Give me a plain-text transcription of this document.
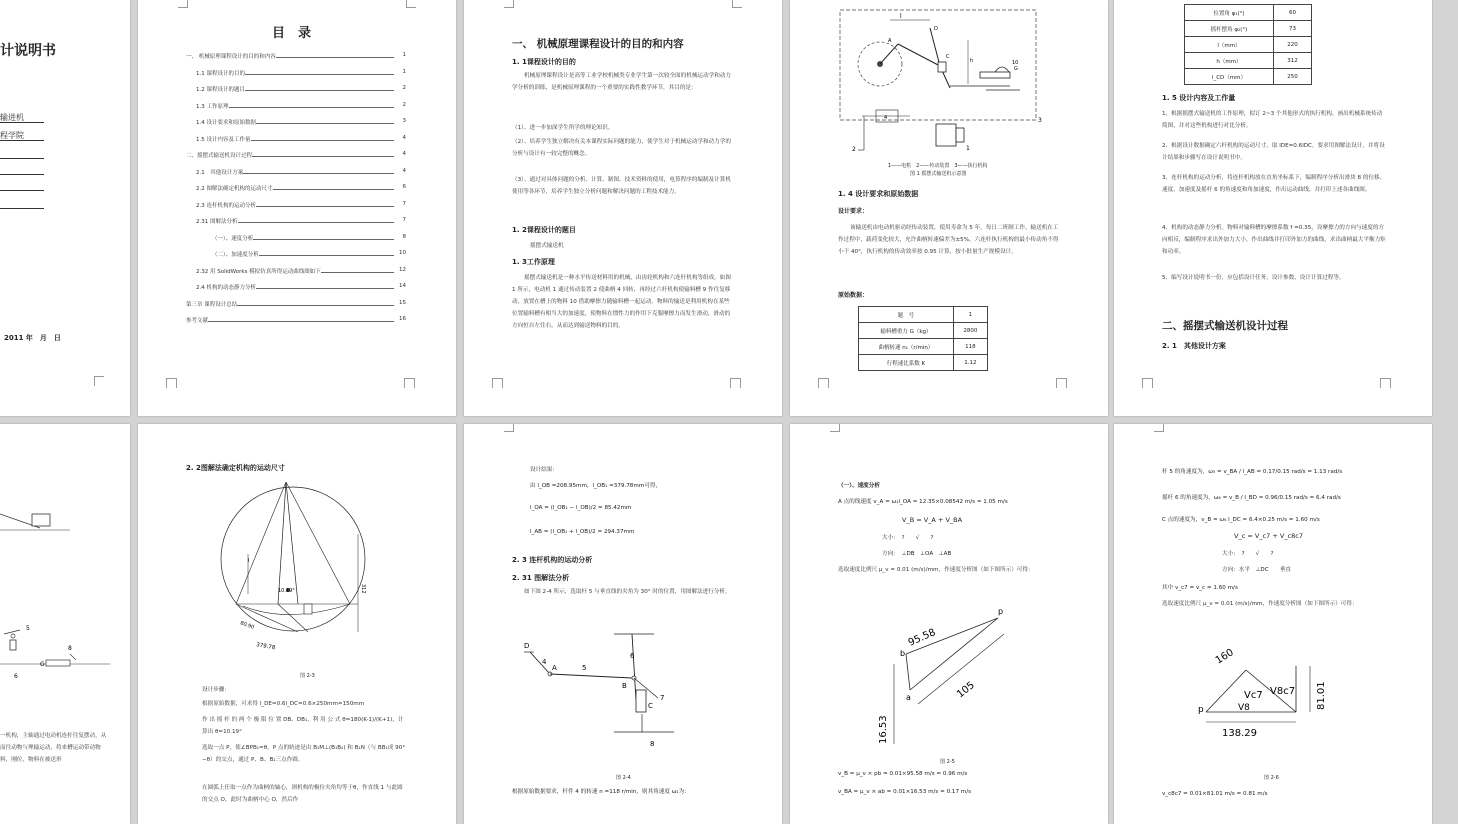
计说明书
输进机
程学院
2011 年　月　日
目　录
一、 机械原理课程设计的目的和内容	1
1.1 课程设计的目的	1
1.2 课程设计的题目	2
1.3 工作原理	2
1.4 设计要求和原始数据	3
1.5 设计内容及工作量	4
二、摇摆式输送机设计过程	4
2.1　其他设计方案	4
2.2 图解法确定机构的运动尺寸	6
2.3 连杆机构的运动分析	7
2.31 图解法分析	7
（一）、速度分析	8
（二）、加速度分析	10
2.32 用 SolidWorks 模拟仿真所得运动曲线图如下	12
2.4 机构的动态静力分析	14
第三章 课程设计总结	15
参考文献	16
一、 机械原理课程设计的目的和内容
1. 1课程设计的目的
机械原理课程设计是高等工业学校机械类专业学生第一次较全面的机械运动学和动力学分析的训练，是机械原理课程的一个重要的实践性教学环节，其目的是：
（1）、进一步加深学生所学的理论知识。
（2）、培养学生独立解决有关本课程实际问题的能力，使学生对于机械运动学和动力学的分析与设计有一较完整的概念。
（3）、通过对具体问题的分析、计算、制图、技术资料的使用，电算程序的编制及计算机使用等各环节，培养学生独立分析问题和解决问题的工程技术能力。
1. 2课程设计的题目
摇摆式输送机
1. 3工作原理
摇摆式输送机是一种水平传送材料用的机械，由齿轮机构和六连杆机构等组成。如图 1 所示，电动机 1 通过传动装置 2 使曲柄 4 回转，再经过六杆机构使输料槽 9 作往复移动，放置在槽上的物料 10 借助摩擦力随输料槽一起运动。物料的输送是利用机构在某些位置输料槽有相当大的加速度，使物料在惯性力的作用下克服摩擦力而发生滑动，滑动的方向恒自左往右，从而达到输送物料的目的。
l
D
A
h
C
10
G
3
4
2	1
1——电机　2——传动装置　3——执行机构
图 1 摇摆式输送机示意图
1. 4 设计要求和原始数据
设计要求：
该输送机由电动机驱动经传动装置，使用寿命为 5 年，每日二班制工作。输送机在工作过程中，载荷变化较大，允许曲柄转速偏差为±5%。六连杆执行机构的最小传动角不得小于 40°，执行机构的传动效率按 0.95 计算，按小批量生产规模设计。
原始数据：
题　号	1
输料槽重力 G（kg）	2800
曲柄转速 n₁（r/min）	118
行程速比系数 K	1.12
位置角 φ₁(°)	60
摇杆摆角 φ₂(°)	73
l（mm）	220
h（mm）	312
l_CD（mm）	250
1. 5 设计内容及工作量
1、根据摇摆式输送机的工作原理，拟订 2~3 个其他形式的执行机构，画出机械系统传动简图，并对这些机构进行对比分析。
2、根据设计数据确定六杆机构的运动尺寸，取 lDE=0.6lDC。要求用图解法设计，并将设计结果和步骤写在设计说明书中。
3、连杆机构的运动分析，将连杆机构放在直角坐标系下，编制程序分析出滑块 8 的位移、速度、加速度及摇杆 6 的角速度和角加速度，作出运动曲线，并打印上述各曲线图。
4、机构的动态静力分析。物料对输料槽的摩擦系数 f =0.35，设摩擦力的方向与速度的方向相反，编制程序求出外加力大小，作出曲线并打印外加力的曲线，求出曲柄最大平衡力矩和功率。
5、编写设计说明书一份，应包括设计任务、设计参数、设计计算过程等。
二、摇摆式输送机设计过程
2. 1　其他设计方案
5
8
G
6
一机构，主轴通过电动机连杆往复摆动，从而往动物与理输运动，将来槽运动带动物料，刚位，物料在被送形
2. 2图解法确定机构的运动尺寸
10.19°	312
379.78
80.90
l
图 2-3
设计步骤：
根据原始数据，可求得 l_DE=0.6l_DC=0.6×250mm=150mm
作 出 摇 杆 的 两 个 极 限 位 置 DB、DB₁，利 用 公 式 θ=180(K-1)/(K+1)，计算出 θ=10.19°
选取一点 P，使∠BPB₁=θ，P 点的轨迹是由 B₁M⊥(B₁B₂) 和 B₁N（与 BB₁成 90°−θ）的交点，通过 P、B、B₁三点作圆。
在圆弧上任取一点作为曲柄的轴心，则机构的极位夹角均等于θ，作直线 1 与此圆的交点 O，此时为曲柄中心 O，然后作
设计结果：
由 l_OB =208.95mm，l_OB₁ =379.78mm可得，
l_OA = (l_OB₁ − l_OB)/2 = 85.42mm
l_AB = (l_OB₁ + l_OB)/2 = 294.37mm
2. 3 连杆机构的运动分析
2. 31 图解法分析
如下图 2-4 所示，选取杆 5 与垂直线的夹角为 30° 时的位置，用图解法进行分析。
D
4
A	5
6
B
7
C
8
图 2-4
根据原始数据要求，杆件 4 的转速 n =118 r/min，则其角速度 ω₁为：
（一）、速度分析
A 点的线速度 v_A = ω₁l_OA = 12.35×0.08542 m/s = 1.05 m/s
V_B = V_A + V_BA
大小：　?　　√　　?
方向：　⊥DB　⊥OA　⊥AB
选取速度比例尺 μ_v = 0.01 (m/s)/mm，作速度分析图（如下图所示）可得：
95.58
105
16.53
b
p
a
图 2-5
v_B = μ_v × pb = 0.01×95.58 m/s = 0.96 m/s
v_BA = μ_v × ab = 0.01×16.53 m/s = 0.17 m/s
杆 5 的角速度为，ω₅ = v_BA / l_AB = 0.17/0.15 rad/s = 1.13 rad/s
摇杆 6 的角速度为，ω₆ = v_B / l_BD = 0.96/0.15 rad/s = 6.4 rad/s
C 点的速度为，v_B = ω₆ l_DC = 6.4×0.25 m/s = 1.60 m/s
V_c = V_c7 + V_c8c7
大小：　?　　√　　?
方向：水平　⊥DC　　垂直
其中 v_c7 = v_c = 1.60 m/s
选取速度比例尺 μ_v = 0.01 (m/s)/mm，作速度分析图（如下图所示）可得：
160
81.01
138.29
Vc7 V8c7
V8
p
图 2-6
v_c8c7 = 0.01×81.01 m/s = 0.81 m/s
